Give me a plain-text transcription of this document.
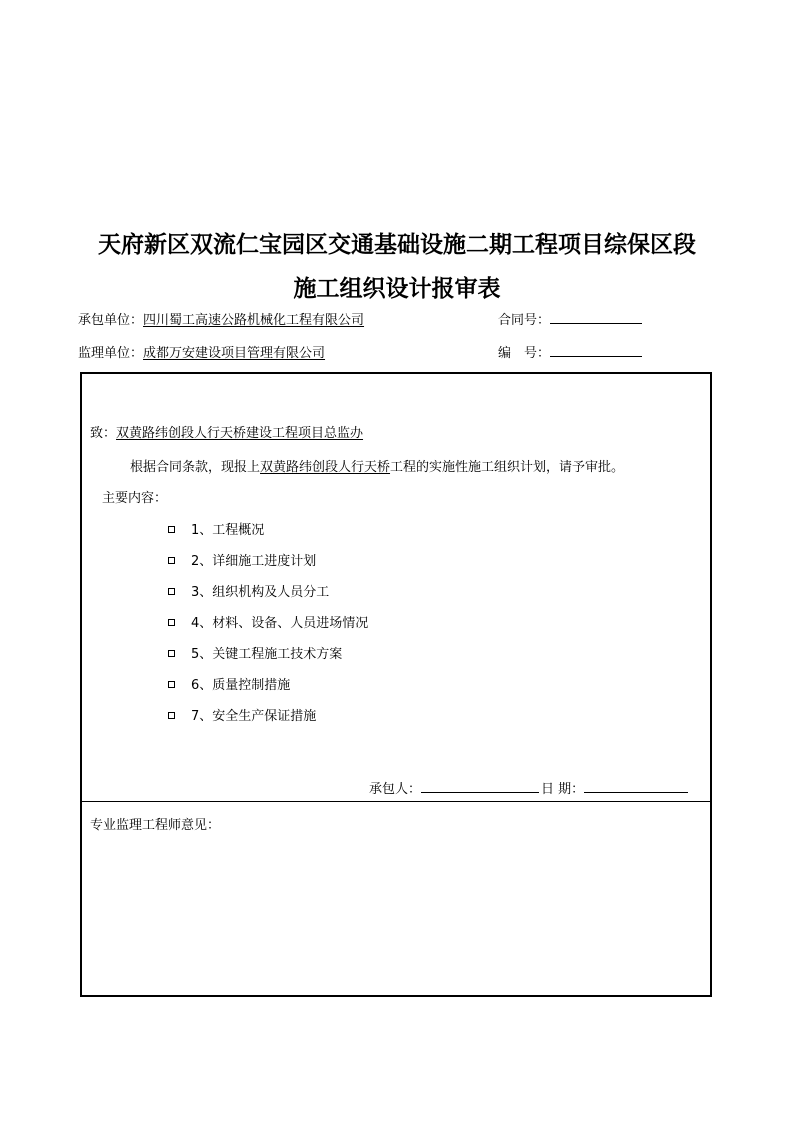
天府新区双流仁宝园区交通基础设施二期工程项目综保区段
施工组织设计报审表
承包单位：四川蜀工高速公路机械化工程有限公司	合同号：
监理单位：成都万安建设项目管理有限公司	编　号：
致：双黄路纬创段人行天桥建设工程项目总监办
根据合同条款，现报上双黄路纬创段人行天桥工程的实施性施工组织计划，请予审批。
主要内容：
1、工程概况
2、详细施工进度计划
3、组织机构及人员分工
4、材料、设备、人员进场情况
5、关键工程施工技术方案
6、质量控制措施
7、安全生产保证措施
承包人：	日 期：
专业监理工程师意见：
